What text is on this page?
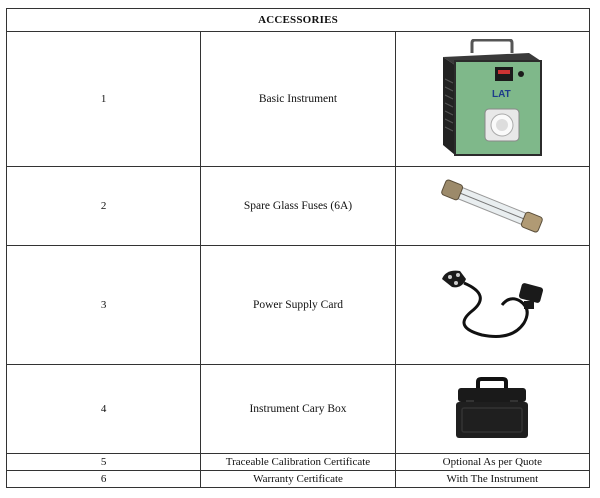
ACCESSORIES		
1	Basic Instrument	LAT

2	Spare Glass Fuses (6A)	

3	Power Supply Card	

4	Instrument Cary Box	

5	Traceable Calibration Certificate	Optional As per Quote
6	Warranty Certificate	With The Instrument
